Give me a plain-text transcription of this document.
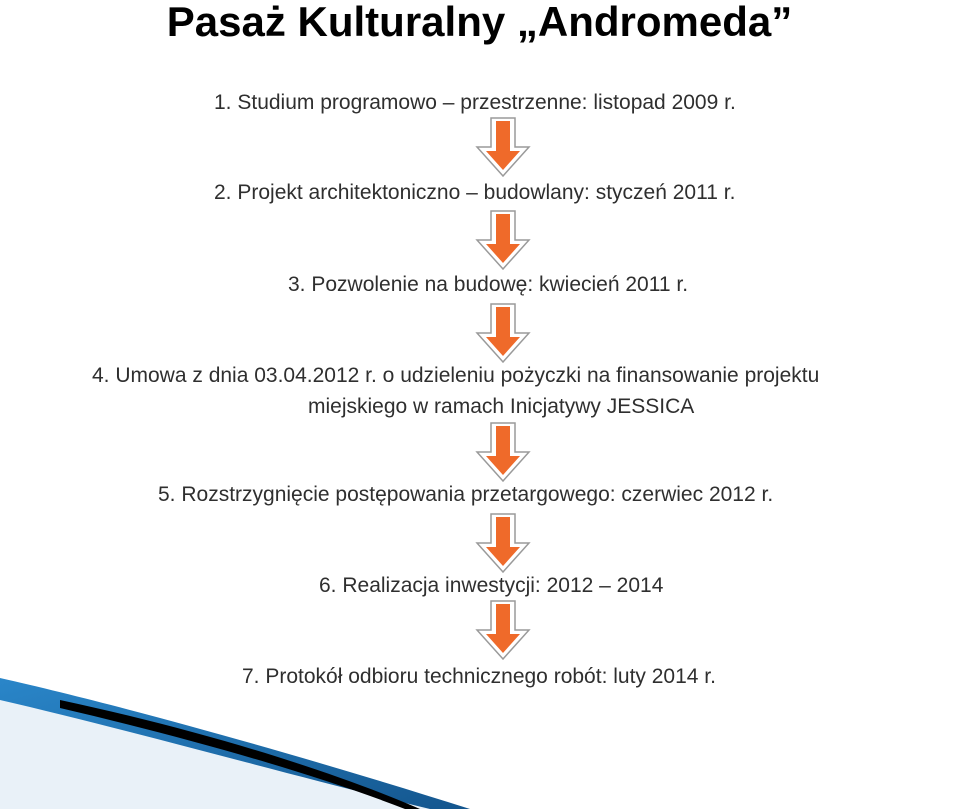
Pasaż Kulturalny „Andromeda”
1. Studium programowo – przestrzenne: listopad 2009 r.
2. Projekt architektoniczno – budowlany: styczeń 2011 r.
3. Pozwolenie na budowę: kwiecień 2011 r.
4. Umowa z dnia 03.04.2012 r. o udzieleniu pożyczki na finansowanie projektu
miejskiego w ramach Inicjatywy JESSICA
5. Rozstrzygnięcie postępowania przetargowego: czerwiec 2012 r.
6. Realizacja inwestycji: 2012 – 2014
7. Protokół odbioru technicznego robót: luty 2014 r.
